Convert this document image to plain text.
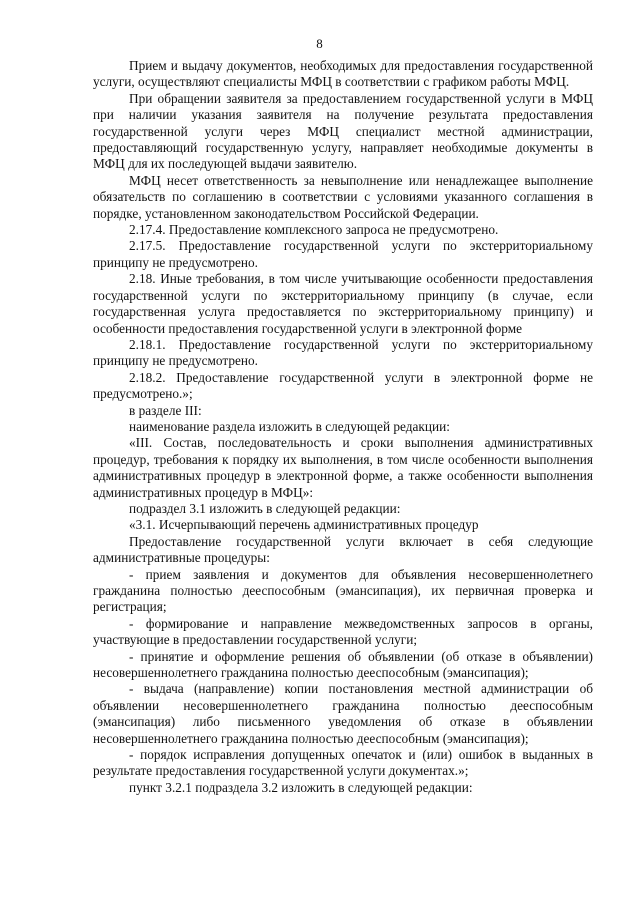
8

Прием и выдачу документов, необходимых для предоставления государственной услуги, осуществляют специалисты МФЦ в соответствии с графиком работы МФЦ.

При обращении заявителя за предоставлением государственной услуги в МФЦ при наличии указания заявителя на получение результата предоставления государственной услуги через МФЦ специалист местной администрации, предоставляющий государственную услугу, направляет необходимые документы в МФЦ для их последующей выдачи заявителю.

МФЦ несет ответственность за невыполнение или ненадлежащее выполнение обязательств по соглашению в соответствии с условиями указанного соглашения в порядке, установленном законодательством Российской Федерации.

2.17.4. Предоставление комплексного запроса не предусмотрено.

2.17.5. Предоставление государственной услуги по экстерриториальному принципу не предусмотрено.

2.18. Иные требования, в том числе учитывающие особенности предоставления государственной услуги по экстерриториальному принципу (в случае, если государственная услуга предоставляется по экстерриториальному принципу) и особенности предоставления государственной услуги в электронной форме

2.18.1. Предоставление государственной услуги по экстерриториальному принципу не предусмотрено.

2.18.2. Предоставление государственной услуги в электронной форме не предусмотрено.»;

в разделе III:

наименование раздела изложить в следующей редакции:

«III. Состав, последовательность и сроки выполнения административных процедур, требования к порядку их выполнения, в том числе особенности выполнения административных процедур в электронной форме, а также особенности выполнения административных процедур в МФЦ»:

подраздел 3.1 изложить в следующей редакции:

«3.1. Исчерпывающий перечень административных процедур

Предоставление государственной услуги включает в себя следующие административные процедуры:

- прием заявления и документов для объявления несовершеннолетнего гражданина полностью дееспособным (эмансипация), их первичная проверка и регистрация;

- формирование и направление межведомственных запросов в органы, участвующие в предоставлении государственной услуги;

- принятие и оформление решения об объявлении (об отказе в объявлении) несовершеннолетнего гражданина полностью дееспособным (эмансипация);

- выдача (направление) копии постановления местной администрации об объявлении несовершеннолетнего гражданина полностью дееспособным (эмансипация) либо письменного уведомления об отказе в объявлении несовершеннолетнего гражданина полностью дееспособным (эмансипация);

- порядок исправления допущенных опечаток и (или) ошибок в выданных в результате предоставления государственной услуги документах.»;

пункт 3.2.1 подраздела 3.2 изложить в следующей редакции:
